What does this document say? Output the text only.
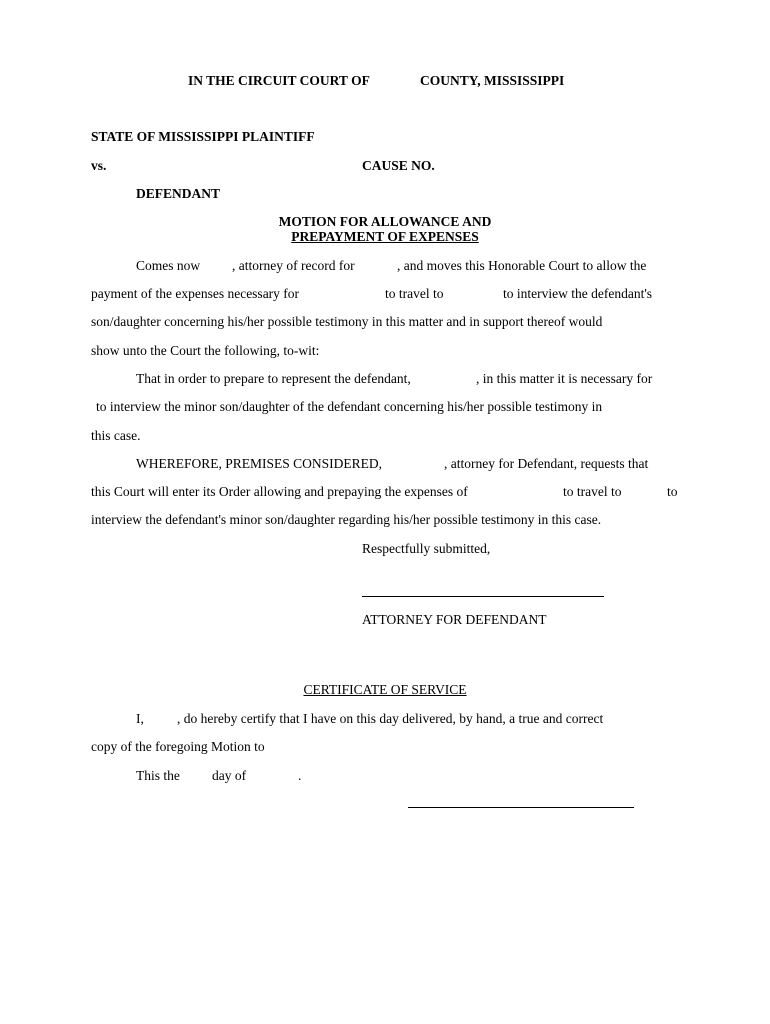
IN THE CIRCUIT COURT OF	COUNTY, MISSISSIPPI
STATE OF MISSISSIPPI PLAINTIFF
vs.	CAUSE NO.
DEFENDANT
MOTION FOR ALLOWANCE AND
PREPAYMENT OF EXPENSES
Comes now , attorney of record for	, and moves this Honorable Court to allow the
payment of the expenses necessary for	to travel to	to interview the defendant's
son/daughter concerning his/her possible testimony in this matter and in support thereof would
show unto the Court the following, to-wit:
That in order to prepare to represent the defendant,	, in this matter it is necessary for
to interview the minor son/daughter of the defendant concerning his/her possible testimony in
this case.
WHEREFORE, PREMISES CONSIDERED,	, attorney for Defendant, requests that
this Court will enter its Order allowing and prepaying the expenses of	to travel to	to
interview the defendant's minor son/daughter regarding his/her possible testimony in this case.
Respectfully submitted,
ATTORNEY FOR DEFENDANT
CERTIFICATE OF SERVICE
I, , do hereby certify that I have on this day delivered, by hand, a true and correct
copy of the foregoing Motion to
This the day of	.
